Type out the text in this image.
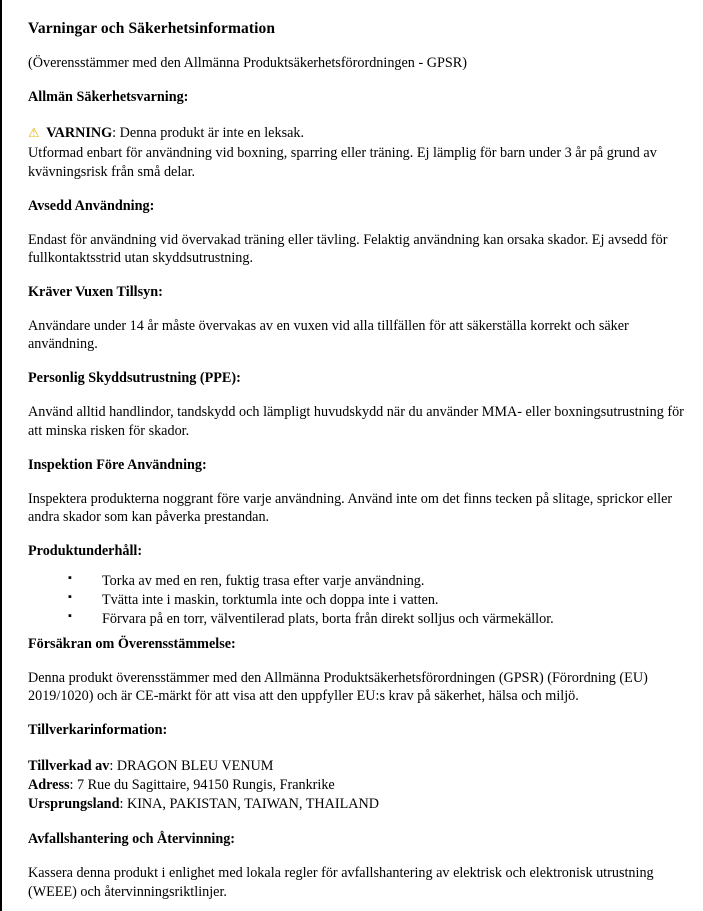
Varningar och Säkerhetsinformation

(Överensstämmer med den Allmänna Produktsäkerhetsförordningen - GPSR)

Allmän Säkerhetsvarning:

⚠ VARNING: Denna produkt är inte en leksak.

Utformad enbart för användning vid boxning, sparring eller träning. Ej lämplig för barn under 3 år på grund av kvävningsrisk från små delar.

Avsedd Användning:

Endast för användning vid övervakad träning eller tävling. Felaktig användning kan orsaka skador. Ej avsedd för fullkontaktsstrid utan skyddsutrustning.

Kräver Vuxen Tillsyn:

Användare under 14 år måste övervakas av en vuxen vid alla tillfällen för att säkerställa korrekt och säker användning.

Personlig Skyddsutrustning (PPE):

Använd alltid handlindor, tandskydd och lämpligt huvudskydd när du använder MMA- eller boxningsutrustning för att minska risken för skador.

Inspektion Före Användning:

Inspektera produkterna noggrant före varje användning. Använd inte om det finns tecken på slitage, sprickor eller andra skador som kan påverka prestandan.

Produktunderhåll:
▪ Torka av med en ren, fuktig trasa efter varje användning.
▪ Tvätta inte i maskin, torktumla inte och doppa inte i vatten.
▪ Förvara på en torr, välventilerad plats, borta från direkt solljus och värmekällor.
Försäkran om Överensstämmelse:

Denna produkt överensstämmer med den Allmänna Produktsäkerhetsförordningen (GPSR) (Förordning (EU) 2019/1020) och är CE-märkt för att visa att den uppfyller EU:s krav på säkerhet, hälsa och miljö.

Tillverkarinformation:

Tillverkad av: DRAGON BLEU VENUM

Adress: 7 Rue du Sagittaire, 94150 Rungis, Frankrike

Ursprungsland: KINA, PAKISTAN, TAIWAN, THAILAND

Avfallshantering och Återvinning:

Kassera denna produkt i enlighet med lokala regler för avfallshantering av elektrisk och elektronisk utrustning (WEEE) och återvinningsriktlinjer.
